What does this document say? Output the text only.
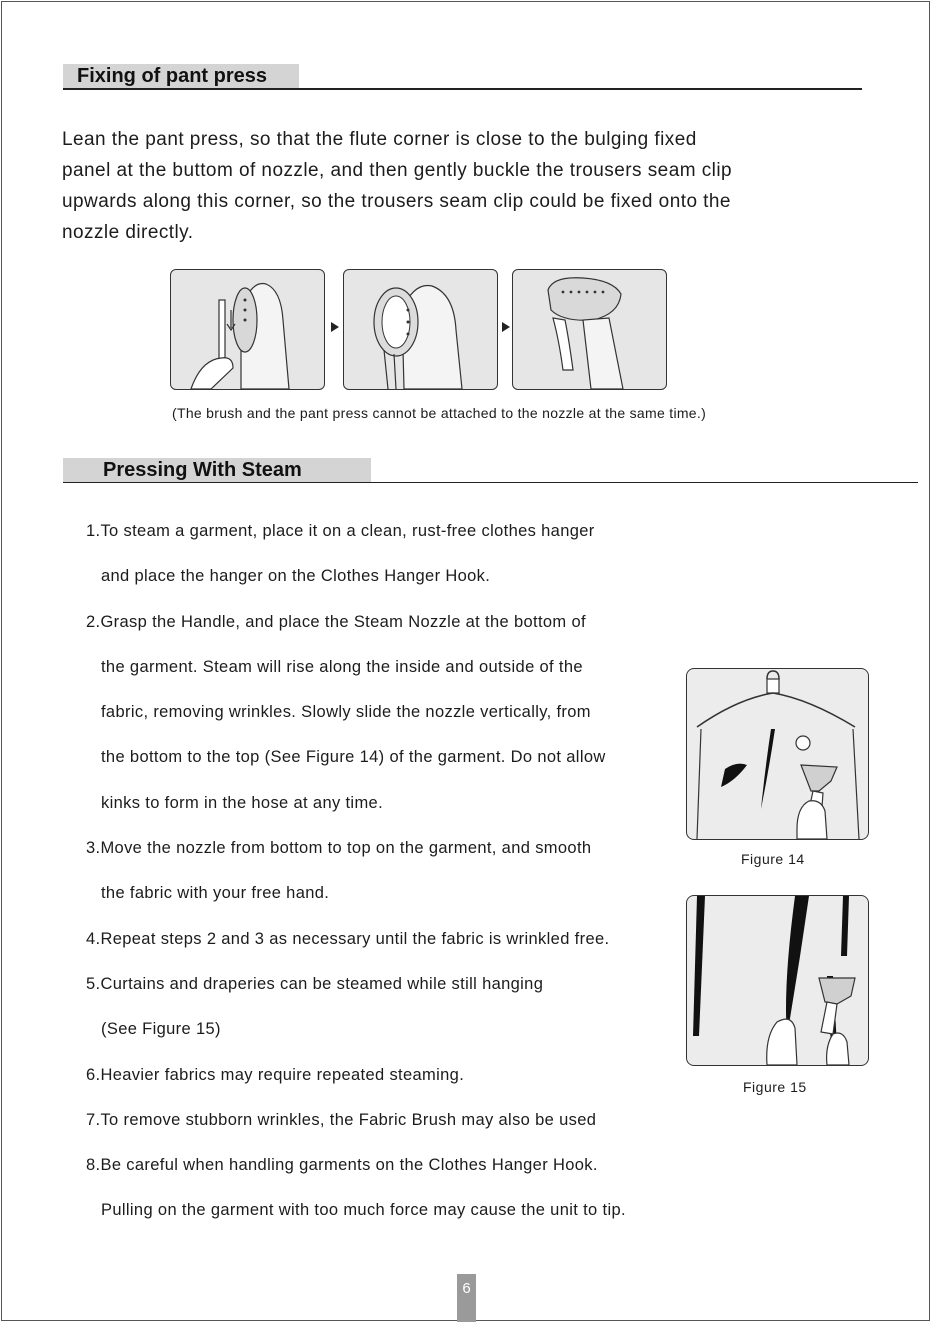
Fixing of pant press
Lean the pant press, so that the flute corner is close to the bulging fixed
panel at the buttom of nozzle, and then gently buckle the trousers seam clip
upwards along this corner, so the trousers seam clip could be fixed onto the
nozzle directly.
(The brush and the pant press cannot be attached to the nozzle at the same time.)
Pressing With Steam
1.To steam a garment, place it on a clean, rust-free clothes hanger
and place the hanger on the Clothes Hanger Hook.
2.Grasp the Handle, and place the Steam Nozzle at the bottom of
the garment. Steam will rise along the inside and outside of the
fabric, removing wrinkles. Slowly slide the nozzle vertically, from
the bottom to the top (See Figure 14) of the garment. Do not allow
kinks to form in the hose at any time.
3.Move the nozzle from bottom to top on the garment, and smooth
the fabric with your free hand.
4.Repeat steps 2 and 3 as necessary until the fabric is wrinkled free.
5.Curtains and draperies can be steamed while still hanging
(See Figure 15)
6.Heavier fabrics may require repeated steaming.
7.To remove stubborn wrinkles, the Fabric Brush may also be used
8.Be careful when handling garments on the Clothes Hanger Hook.
Pulling on the garment with too much force may cause the unit to tip.
Figure 14
Figure 15
6
